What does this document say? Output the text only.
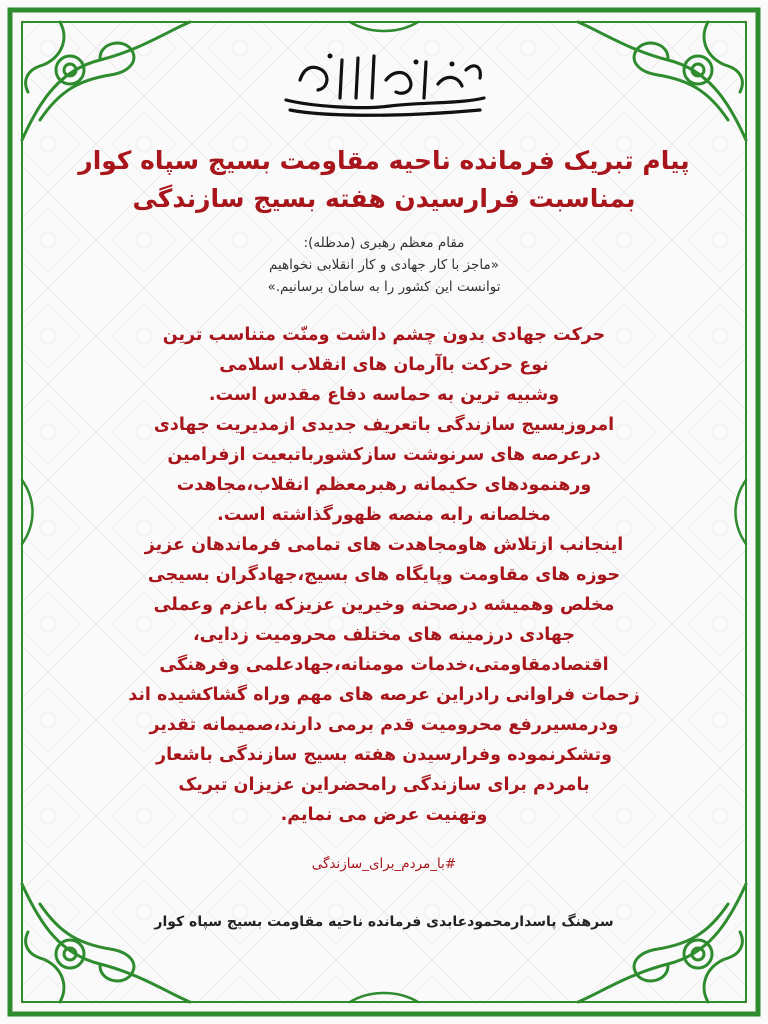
پیام تبریک فرمانده ناحیه مقاومت بسیج سپاه کوار
بمناسبت فرارسیدن هفته بسیج سازندگی
مقام معظم رهبری (مدظله):
«ماجز با کار جهادی و کار انقلابی نخواهیم
توانست این کشور را به سامان برسانیم.»
حرکت جهادی بدون چشم داشت ومنّت متناسب ترین
نوع حرکت باآرمان های انقلاب اسلامی
وشبیه ترین به حماسه دفاع مقدس است.
امروزبسیج سازندگی باتعریف جدیدی ازمدیریت جهادی
درعرصه های سرنوشت سازکشورباتبعیت ازفرامین
ورهنمودهای حکیمانه رهبرمعظم انقلاب،مجاهدت
مخلصانه رابه منصه ظهورگذاشته است.
اینجانب ازتلاش هاومجاهدت های تمامی فرماندهان عزیز
حوزه های مقاومت وپایگاه های بسیج،جهادگران بسیجی
مخلص وهمیشه درصحنه وخیرین عزیزکه باعزم وعملی
جهادی درزمینه های مختلف محرومیت زدایی،
اقتصادمقاومتی،خدمات مومنانه،جهادعلمی وفرهنگی
زحمات فراوانی رادراین عرصه های مهم وراه گشاکشیده اند
ودرمسیررفع محرومیت قدم برمی دارند،صمیمانه تقدیر
وتشکرنموده وفرارسیدن هفته بسیج سازندگی باشعار
بامردم برای سازندگی رامحضراین عزیزان تبریک
وتهنیت عرض می نمایم.
#با_مردم_برای_سازندگی
سرهنگ پاسدارمحمودعابدی فرمانده ناحیه مقاومت بسیج سپاه کوار
